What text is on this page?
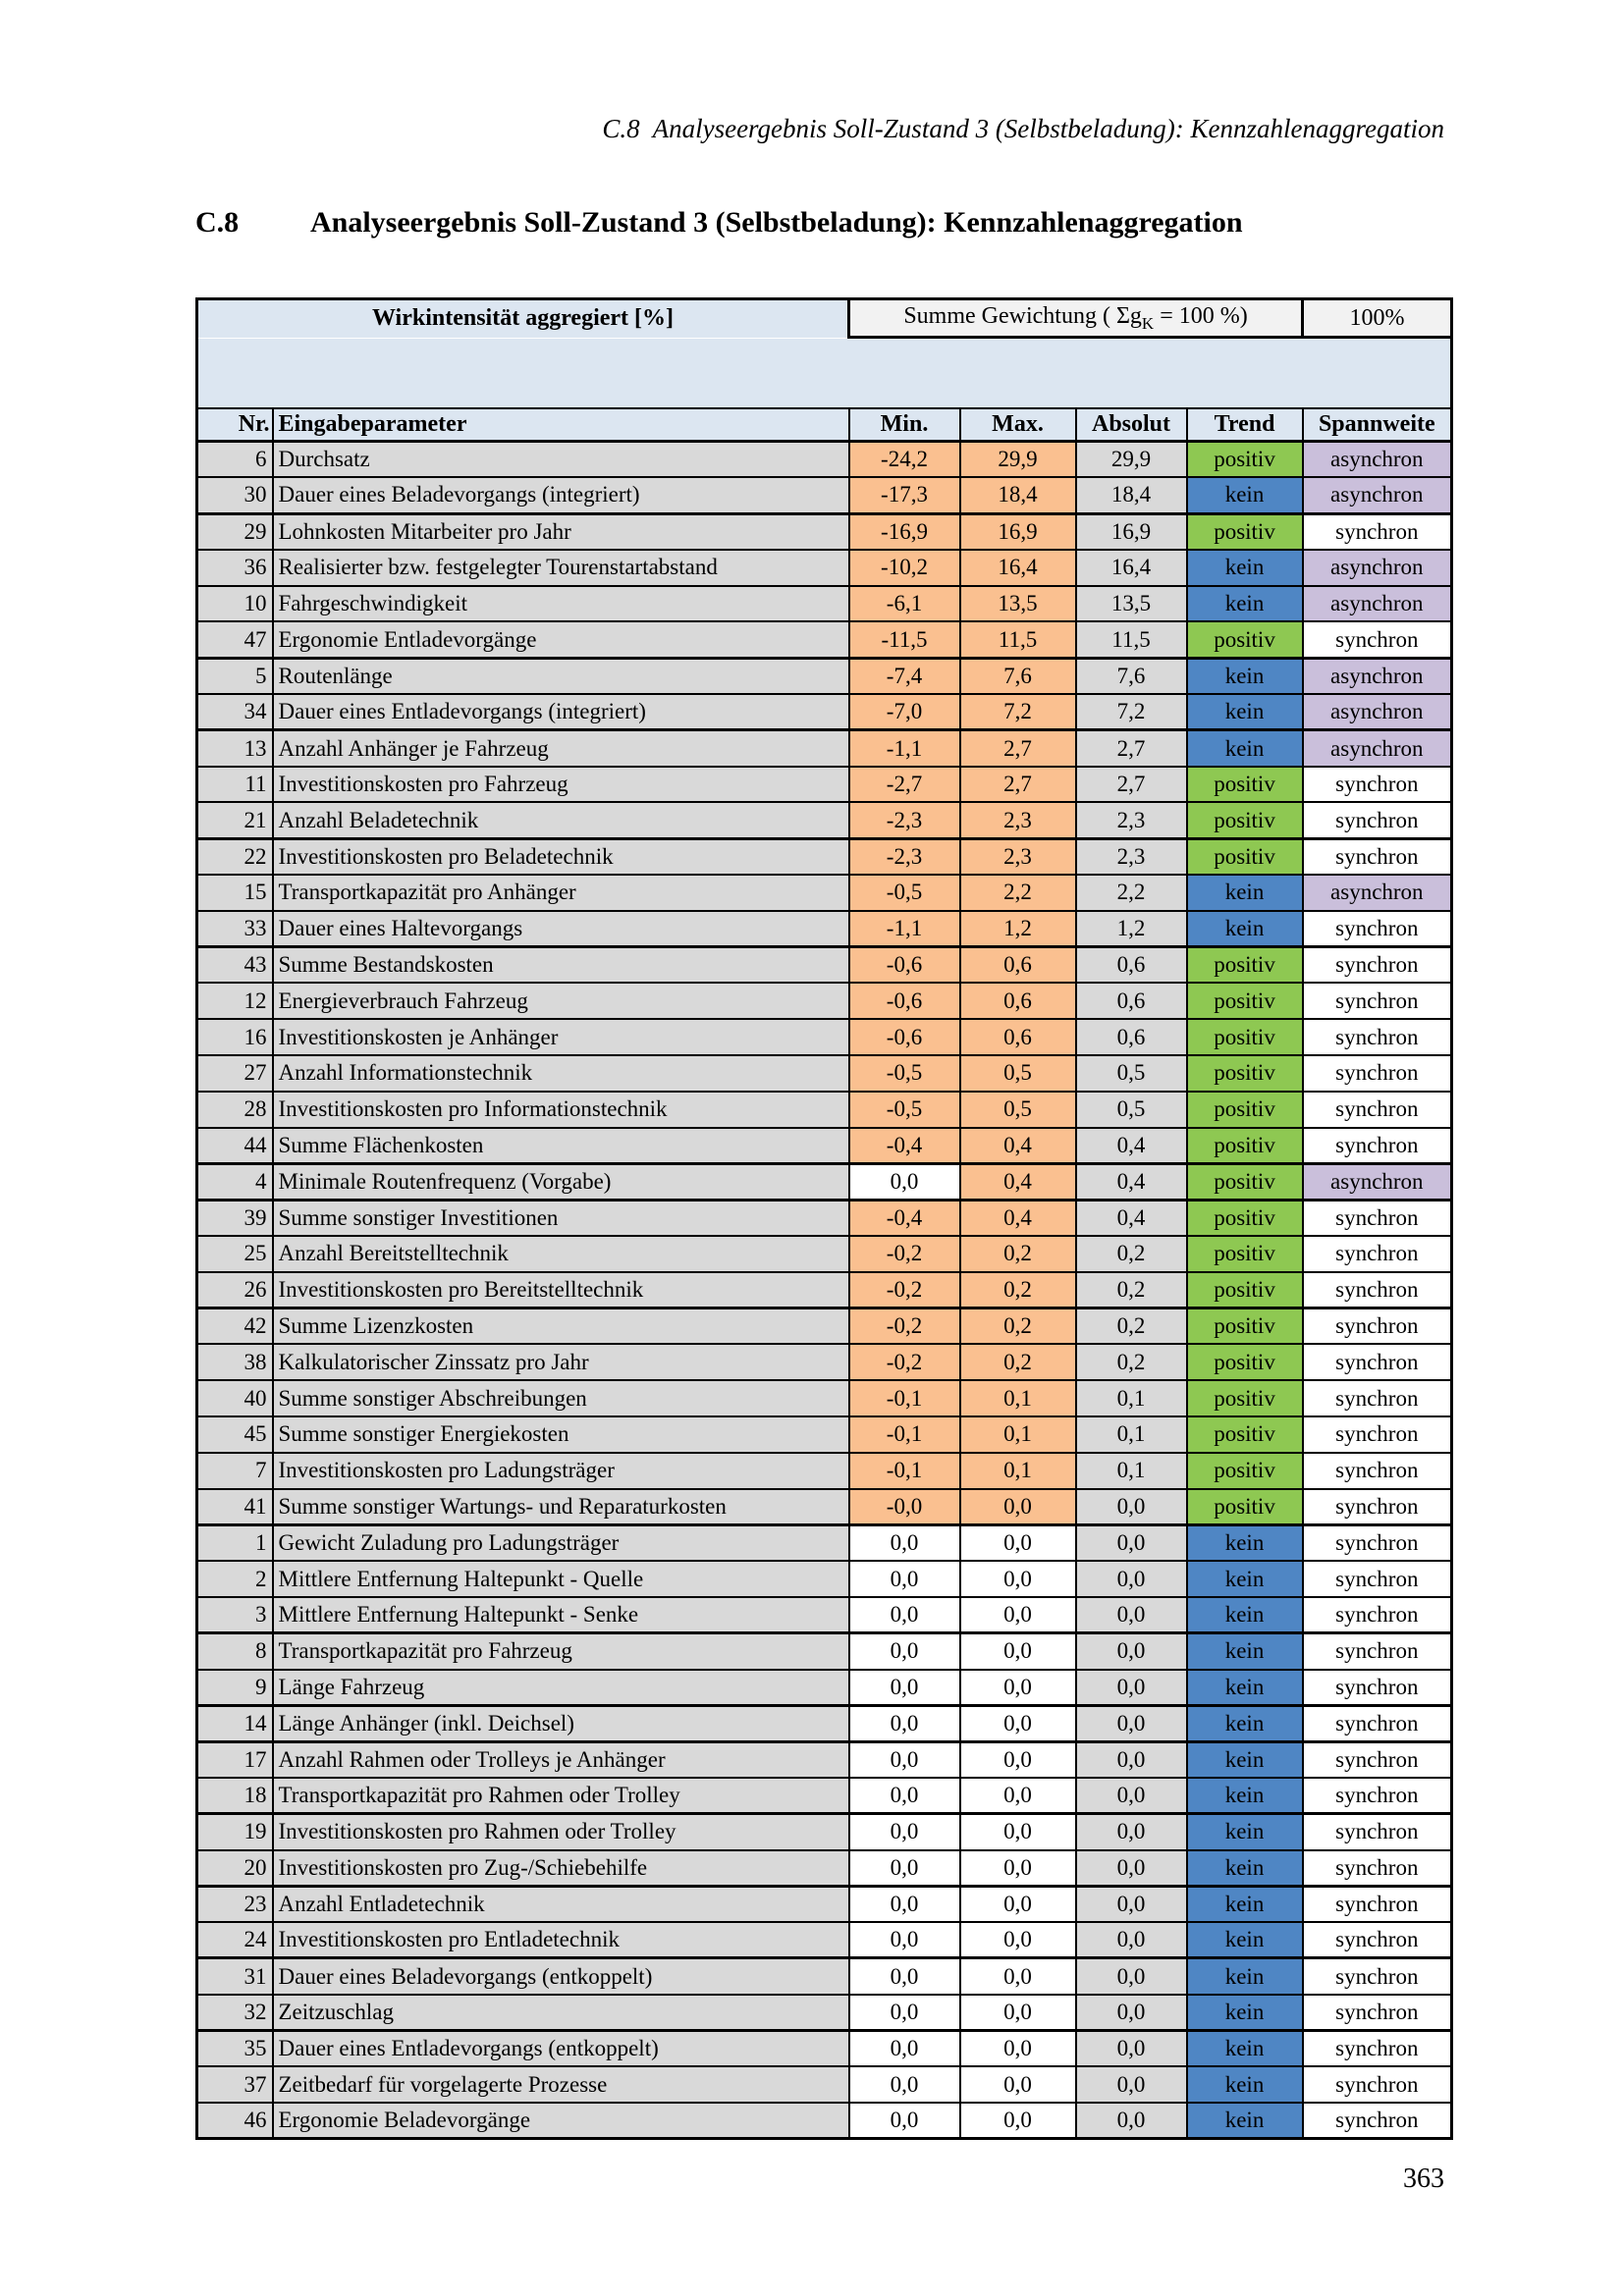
C.8  Analyseergebnis Soll-Zustand 3 (Selbstbeladung): Kennzahlenaggregation
C.8	Analyseergebnis Soll-Zustand 3 (Selbstbeladung): Kennzahlenaggregation
Wirkintensität aggregiert [%]		Summe Gewichtung ( $\Sigma g_K = 100$ %)				100%

Nr.	Eingabeparameter	Min.	Max.	Absolut	Trend	Spannweite
6	Durchsatz	-24,2	29,9	29,9	positiv	asynchron
30	Dauer eines Beladevorgangs (integriert)	-17,3	18,4	18,4	kein	asynchron
29	Lohnkosten Mitarbeiter pro Jahr	-16,9	16,9	16,9	positiv	synchron
36	Realisierter bzw. festgelegter Tourenstartabstand	-10,2	16,4	16,4	kein	asynchron
10	Fahrgeschwindigkeit	-6,1	13,5	13,5	kein	asynchron
47	Ergonomie Entladevorgänge	-11,5	11,5	11,5	positiv	synchron
5	Routenlänge	-7,4	7,6	7,6	kein	asynchron
34	Dauer eines Entladevorgangs (integriert)	-7,0	7,2	7,2	kein	asynchron
13	Anzahl Anhänger je Fahrzeug	-1,1	2,7	2,7	kein	asynchron
11	Investitionskosten pro Fahrzeug	-2,7	2,7	2,7	positiv	synchron
21	Anzahl Beladetechnik	-2,3	2,3	2,3	positiv	synchron
22	Investitionskosten pro Beladetechnik	-2,3	2,3	2,3	positiv	synchron
15	Transportkapazität pro Anhänger	-0,5	2,2	2,2	kein	asynchron
33	Dauer eines Haltevorgangs	-1,1	1,2	1,2	kein	synchron
43	Summe Bestandskosten	-0,6	0,6	0,6	positiv	synchron
12	Energieverbrauch Fahrzeug	-0,6	0,6	0,6	positiv	synchron
16	Investitionskosten je Anhänger	-0,6	0,6	0,6	positiv	synchron
27	Anzahl Informationstechnik	-0,5	0,5	0,5	positiv	synchron
28	Investitionskosten pro Informationstechnik	-0,5	0,5	0,5	positiv	synchron
44	Summe Flächenkosten	-0,4	0,4	0,4	positiv	synchron
4	Minimale Routenfrequenz (Vorgabe)	0,0	0,4	0,4	positiv	asynchron
39	Summe sonstiger Investitionen	-0,4	0,4	0,4	positiv	synchron
25	Anzahl Bereitstelltechnik	-0,2	0,2	0,2	positiv	synchron
26	Investitionskosten pro Bereitstelltechnik	-0,2	0,2	0,2	positiv	synchron
42	Summe Lizenzkosten	-0,2	0,2	0,2	positiv	synchron
38	Kalkulatorischer Zinssatz pro Jahr	-0,2	0,2	0,2	positiv	synchron
40	Summe sonstiger Abschreibungen	-0,1	0,1	0,1	positiv	synchron
45	Summe sonstiger Energiekosten	-0,1	0,1	0,1	positiv	synchron
7	Investitionskosten pro Ladungsträger	-0,1	0,1	0,1	positiv	synchron
41	Summe sonstiger Wartungs- und Reparaturkosten	-0,0	0,0	0,0	positiv	synchron
1	Gewicht Zuladung pro Ladungsträger	0,0	0,0	0,0	kein	synchron
2	Mittlere Entfernung Haltepunkt - Quelle	0,0	0,0	0,0	kein	synchron
3	Mittlere Entfernung Haltepunkt - Senke	0,0	0,0	0,0	kein	synchron
8	Transportkapazität pro Fahrzeug	0,0	0,0	0,0	kein	synchron
9	Länge Fahrzeug	0,0	0,0	0,0	kein	synchron
14	Länge Anhänger (inkl. Deichsel)	0,0	0,0	0,0	kein	synchron
17	Anzahl Rahmen oder Trolleys je Anhänger	0,0	0,0	0,0	kein	synchron
18	Transportkapazität pro Rahmen oder Trolley	0,0	0,0	0,0	kein	synchron
19	Investitionskosten pro Rahmen oder Trolley	0,0	0,0	0,0	kein	synchron
20	Investitionskosten pro Zug-/Schiebehilfe	0,0	0,0	0,0	kein	synchron
23	Anzahl Entladetechnik	0,0	0,0	0,0	kein	synchron
24	Investitionskosten pro Entladetechnik	0,0	0,0	0,0	kein	synchron
31	Dauer eines Beladevorgangs (entkoppelt)	0,0	0,0	0,0	kein	synchron
32	Zeitzuschlag	0,0	0,0	0,0	kein	synchron
35	Dauer eines Entladevorgangs (entkoppelt)	0,0	0,0	0,0	kein	synchron
37	Zeitbedarf für vorgelagerte Prozesse	0,0	0,0	0,0	kein	synchron
46	Ergonomie Beladevorgänge	0,0	0,0	0,0	kein	synchron
363
